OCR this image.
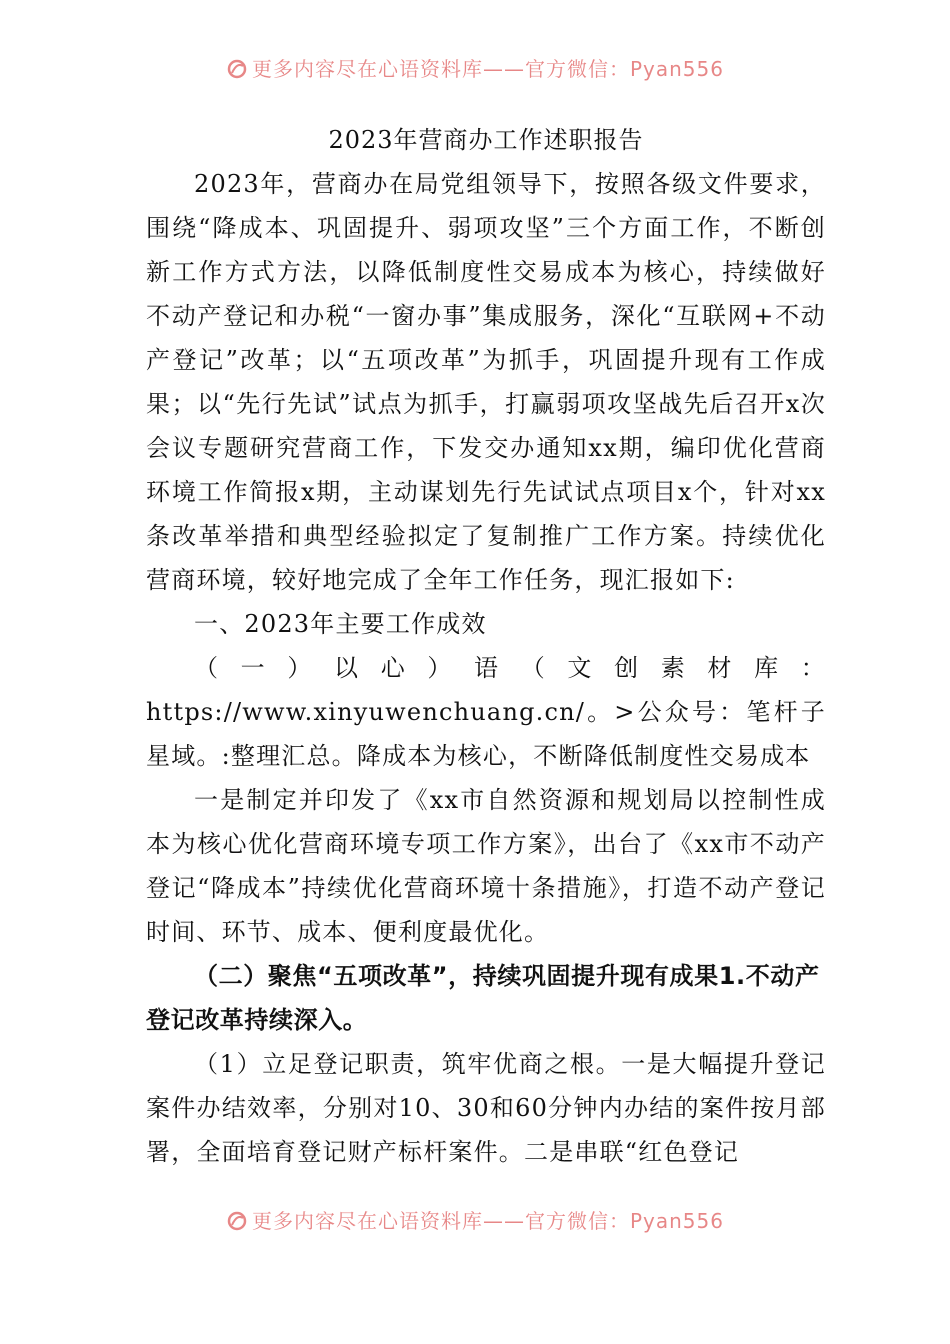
更多内容尽在心语资料库——官方微信：Pyan556

2023年营商办工作述职报告

2023年，营商办在局党组领导下，按照各级文件要求，围绕“降成本、巩固提升、弱项攻坚”三个方面工作，不断创新工作方式方法，以降低制度性交易成本为核心，持续做好不动产登记和办税“一窗办事”集成服务，深化“互联网+不动产登记”改革；以“五项改革”为抓手，巩固提升现有工作成果；以“先行先试”试点为抓手，打赢弱项攻坚战先后召开x次会议专题研究营商工作，下发交办通知xx期，编印优化营商环境工作简报x期，主动谋划先行先试试点项目x个，针对xx条改革举措和典型经验拟定了复制推广工作方案。持续优化营商环境，较好地完成了全年工作任务，现汇报如下:

一、2023年主要工作成效

（一）以心）语（文创素材库：https://www.xinyuwenchuang.cn/。>公众号：笔杆子星域。:整理汇总。降成本为核心，不断降低制度性交易成本

一是制定并印发了《xx市自然资源和规划局以控制性成本为核心优化营商环境专项工作方案》，出台了《xx市不动产登记“降成本”持续优化营商环境十条措施》，打造不动产登记时间、环节、成本、便利度最优化。

（二）聚焦“五项改革”，持续巩固提升现有成果1.不动产登记改革持续深入。

（1）立足登记职责，筑牢优商之根。一是大幅提升登记案件办结效率，分别对10、30和60分钟内办结的案件按月部署，全面培育登记财产标杆案件。二是串联“红色登记

更多内容尽在心语资料库——官方微信：Pyan556
